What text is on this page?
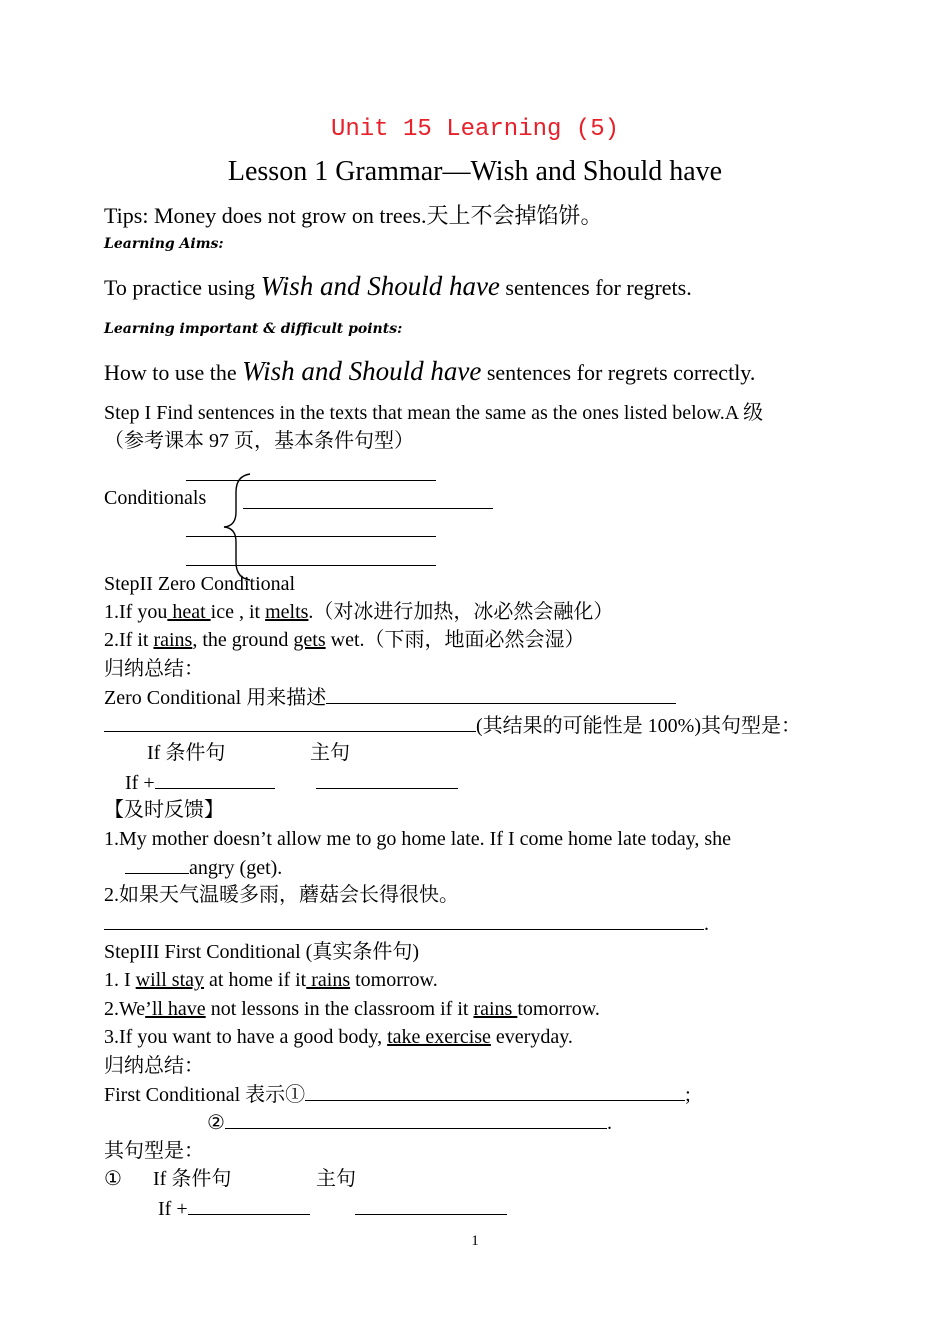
Unit 15 Learning (5)
Lesson 1 Grammar—Wish and Should have
Tips: Money does not grow on trees.天上不会掉馅饼。
Learning Aims:
To practice using Wish and Should have sentences for regrets.
Learning important & difficult points:
How to use the Wish and Should have sentences for regrets correctly.
Step I Find sentences in the texts that mean the same as the ones listed below.A 级
（参考课本 97 页，基本条件句型）
Conditionals
StepII Zero Conditional
1.If you heat ice , it melts.（对冰进行加热，冰必然会融化）
2.If it rains, the ground gets wet.（下雨，地面必然会湿）
归纳总结：
Zero Conditional 用来描述
(其结果的可能性是 100%)其句型是：
If 条件句	主句
If +
【及时反馈】
1.My mother doesn’t allow me to go home late. If I come home late today, she
angry (get).
2.如果天气温暖多雨，蘑菇会长得很快。
.
StepIII First Conditional (真实条件句)
1. I will stay at home if it rains tomorrow.
2.We’ll have not lessons in the classroom if it rains tomorrow.
3.If you want to have a good body, take exercise everyday.
归纳总结：
First Conditional 表示①	;
②	.
其句型是：
① If 条件句	主句
If +
1
